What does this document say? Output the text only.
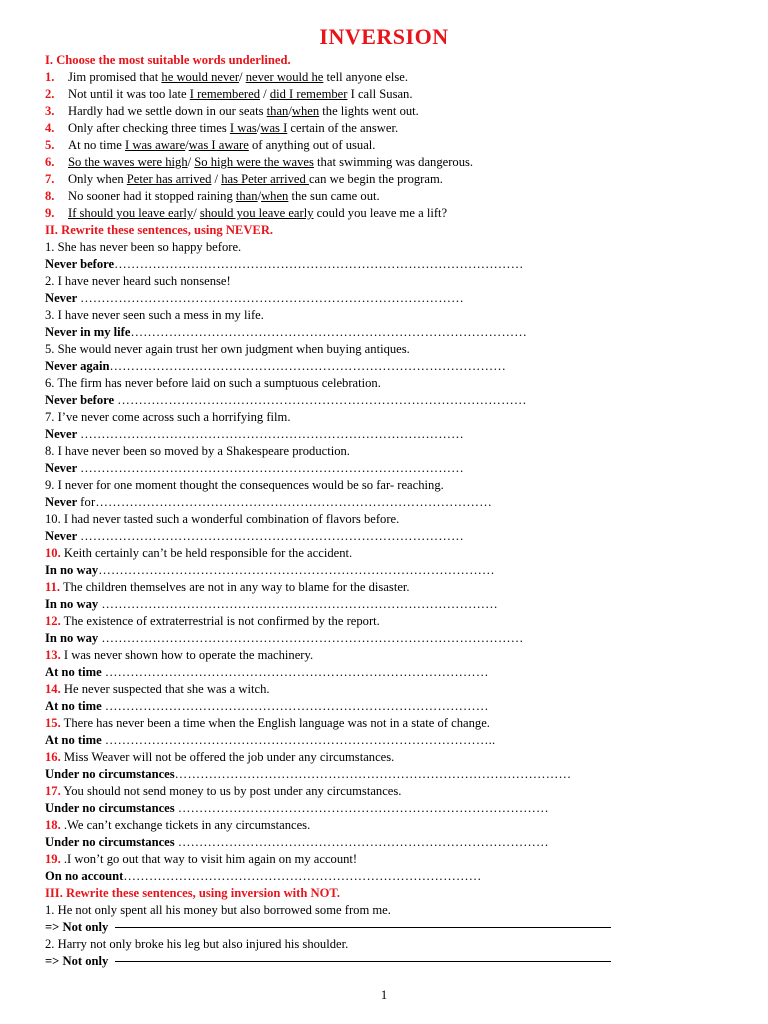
INVERSION
I. Choose the most suitable words underlined.
1. Jim promised that he would never/ never would he tell anyone else.
2. Not until it was too late I remembered / did I remember I call Susan.
3. Hardly had we settle down in our seats than/when the lights went out.
4. Only after checking three times I was/was I certain of the answer.
5. At no time I was aware/was I aware of anything out of usual.
6. So the waves were high/ So high were the waves that swimming was dangerous.
7. Only when Peter has arrived / has Peter arrived can we begin the program.
8. No sooner had it stopped raining than/when the sun came out.
9. If should you leave early/ should you leave early could you leave me a lift?
II. Rewrite these sentences, using NEVER.
1. She has never been so happy before.
Never before……………………………………………………………………………………
2. I have never heard such nonsense!
Never ………………………………………………………………………………
3. I have never seen such a mess in my life.
Never in my life…………………………………………………………………………………
5. She would never again trust her own judgment when buying antiques.
Never again…………………………………………………………………………………
6. The firm has never before laid on such a sumptuous celebration.
Never before ……………………………………………………………………………………
7. I’ve never come across such a horrifying film.
Never ………………………………………………………………………………
8. I have never been so moved by a Shakespeare production.
Never ………………………………………………………………………………
9. I never for one moment thought the consequences would be so far- reaching.
Never for…………………………………………………………………………………
10. I had never tasted such a wonderful combination of flavors before.
Never ………………………………………………………………………………
10. Keith certainly can’t be held responsible for the accident.
In no way…………………………………………………………………………………
11. The children themselves are not in any way to blame for the disaster.
In no way …………………………………………………………………………………
12. The existence of extraterrestrial is not confirmed by the report.
In no way ………………………………………………………………………………………
13. I was never shown how to operate the machinery.
At no time ………………………………………………………………………………
14. He never suspected that she was a witch.
At no time ………………………………………………………………………………
15. There has never been a time when the English language was not in a state of change.
At no time ………………………………………………………………………………..
16. Miss Weaver will not be offered the job under any circumstances.
Under no circumstances…………………………………………………………………………………
17. You should not send money to us by post under any circumstances.
Under no circumstances ……………………………………………………………………………
18. .We can’t exchange tickets in any circumstances.
Under no circumstances ……………………………………………………………………………
19. .I won’t go out that way to visit him again on my account!
On no account…………………………………………………………………………
III. Rewrite these sentences, using inversion with NOT.
1. He not only spent all his money but also borrowed some from me.
=> Not only
2. Harry not only broke his leg but also injured his shoulder.
=> Not only
1
